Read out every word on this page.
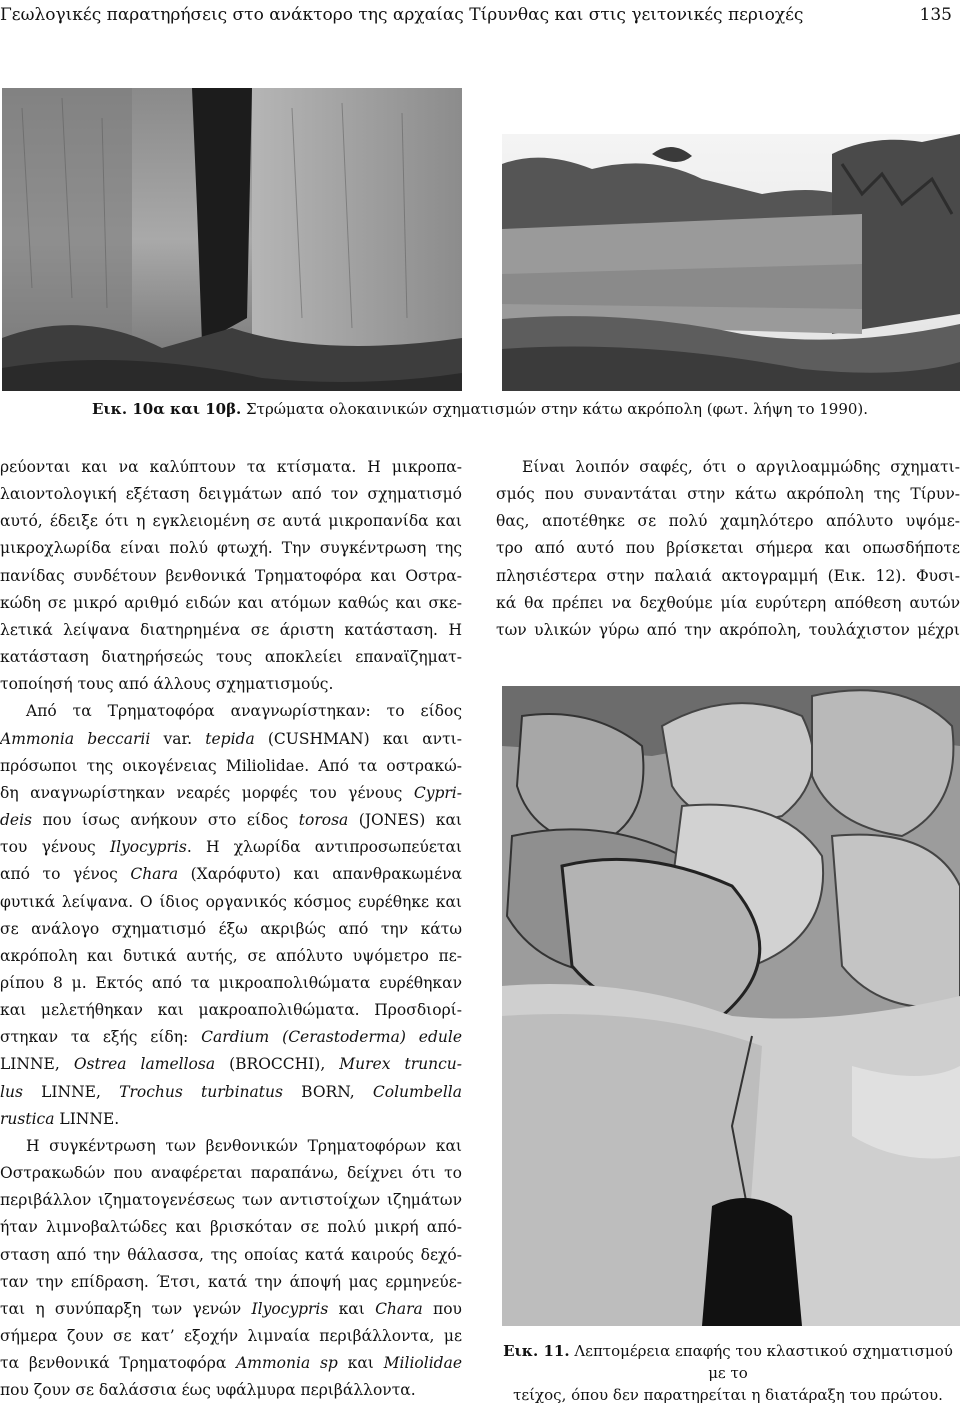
Γεωλογικές παρατηρήσεις στο ανάκτορο της αρχαίας Τίρυνθας και στις γειτονικές περιοχές	135
Εικ. 10α και 10β. Στρώματα ολοκαινικών σχηματισμών στην κάτω ακρόπολη (φωτ. λήψη το 1990).

ρεύονται και να καλύπτουν τα κτίσματα. Η μικροπα-

λαιοντολογική εξέταση δειγμάτων από τον σχηματισμό

αυτό, έδειξε ότι η εγκλειομένη σε αυτά μικροπανίδα και

μικροχλωρίδα είναι πολύ φτωχή. Την συγκέντρωση της

πανίδας συνδέτουν βενθονικά Τρηματοφόρα και Οστρα-

κώδη σε μικρό αριθμό ειδών και ατόμων καθώς και σκε-

λετικά λείψανα διατηρημένα σε άριστη κατάσταση. Η

κατάσταση διατηρήσεώς τους αποκλείει επαναϊζηματ-

τοποίησή τους από άλλους σχηματισμούς.

Από τα Τρηματοφόρα αναγνωρίστηκαν: το είδος

Ammonia beccarii var. tepida (CUSHMAN) και αντι-

πρόσωποι της οικογένειας Miliolidae. Από τα οστρακώ-

δη αναγνωρίστηκαν νεαρές μορφές του γένους Cypri-

deis που ίσως ανήκουν στο είδος torosa (JONES) και

του γένους Ilyocypris. Η χλωρίδα αντιπροσωπεύεται

από το γένος Chara (Χαρόφυτο) και απανθρακωμένα

φυτικά λείψανα. Ο ίδιος οργανικός κόσμος ευρέθηκε και

σε ανάλογο σχηματισμό έξω ακριβώς από την κάτω

ακρόπολη και δυτικά αυτής, σε απόλυτο υψόμετρο πε-

ρίπου 8 μ. Εκτός από τα μικροαπολιθώματα ευρέθηκαν

και μελετήθηκαν και μακροαπολιθώματα. Προσδιορί-

στηκαν τα εξής είδη: Cardium (Cerastoderma) edule

LINNE, Ostrea lamellosa (BROCCHI), Murex truncu-

lus LINNE, Trochus turbinatus BORN, Columbella

rustica LINNE.

Η συγκέντρωση των βενθονικών Τρηματοφόρων και

Οστρακωδών που αναφέρεται παραπάνω, δείχνει ότι το

περιβάλλον ιζηματογενέσεως των αντιστοίχων ιζημάτων

ήταν λιμνοβαλτώδες και βρισκόταν σε πολύ μικρή από-

σταση από την θάλασσα, της οποίας κατά καιρούς δεχό-

ταν την επίδραση. Έτσι, κατά την άποψή μας ερμηνεύε-

ται η συνύπαρξη των γενών Ilyocypris και Chara που

σήμερα ζουν σε κατ’ εξοχήν λιμναία περιβάλλοντα, με

τα βενθονικά Τρηματοφόρα Ammonia sp και Miliolidae

που ζουν σε δαλάσσια έως υφάλμυρα περιβάλλοντα.

Είναι λοιπόν σαφές, ότι ο αργιλοαμμώδης σχηματι-

σμός που συναντάται στην κάτω ακρόπολη της Τίρυν-

θας, αποτέθηκε σε πολύ χαμηλότερο απόλυτο υψόμε-

τρο από αυτό που βρίσκεται σήμερα και οπωσδήποτε

πλησιέστερα στην παλαιά ακτογραμμή (Εικ. 12). Φυσι-

κά θα πρέπει να δεχθούμε μία ευρύτερη απόθεση αυτών

των υλικών γύρω από την ακρόπολη, τουλάχιστον μέχρι

Εικ. 11. Λεπτομέρεια επαφής του κλαστικού σχηματισμού με το
τείχος, όπου δεν παρατηρείται η διατάραξη του πρώτου.
